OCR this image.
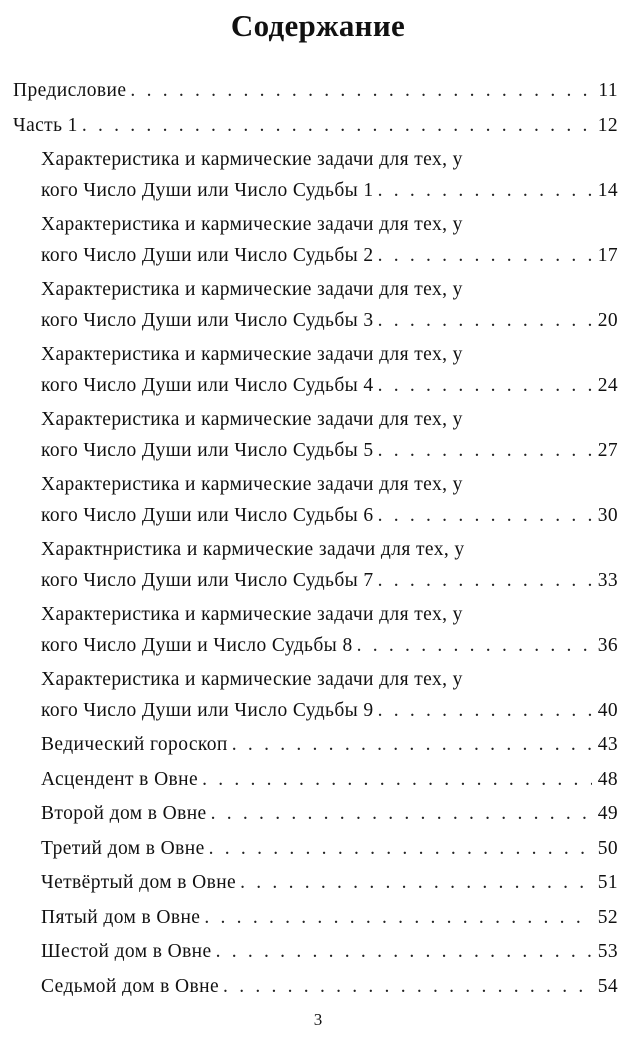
Содержание
Предисловие . . .	11
Часть 1 . . .	12
Характеристика и кармические задачи для тех, у
кого Число Души или Число Судьбы 1 . . .	14
Характеристика и кармические задачи для тех, у
кого Число Души или Число Судьбы 2 . . .	17
Характеристика и кармические задачи для тех, у
кого Число Души или Число Судьбы 3 . . .	20
Характеристика и кармические задачи для тех, у
кого Число Души или Число Судьбы 4 . . .	24
Характеристика и кармические задачи для тех, у
кого Число Души или Число Судьбы 5 . . .	27
Характеристика и кармические задачи для тех, у
кого Число Души или Число Судьбы 6 . . .	30
Характнристика и кармические задачи для тех, у
кого Число Души или Число Судьбы 7 . . .	33
Характеристика и кармические задачи для тех, у
кого Число Души и Число Судьбы 8 . . .	36
Характеристика и кармические задачи для тех, у
кого Число Души или Число Судьбы 9 . . .	40
Ведический гороскоп . . .	43
Асцендент в Овне . . .	48
Второй дом в Овне . . .	49
Третий дом в Овне . . .	50
Четвёртый дом в Овне . . .	51
Пятый дом в Овне . . .	52
Шестой дом в Овне . . .	53
Седьмой дом в Овне . . .	54
3
